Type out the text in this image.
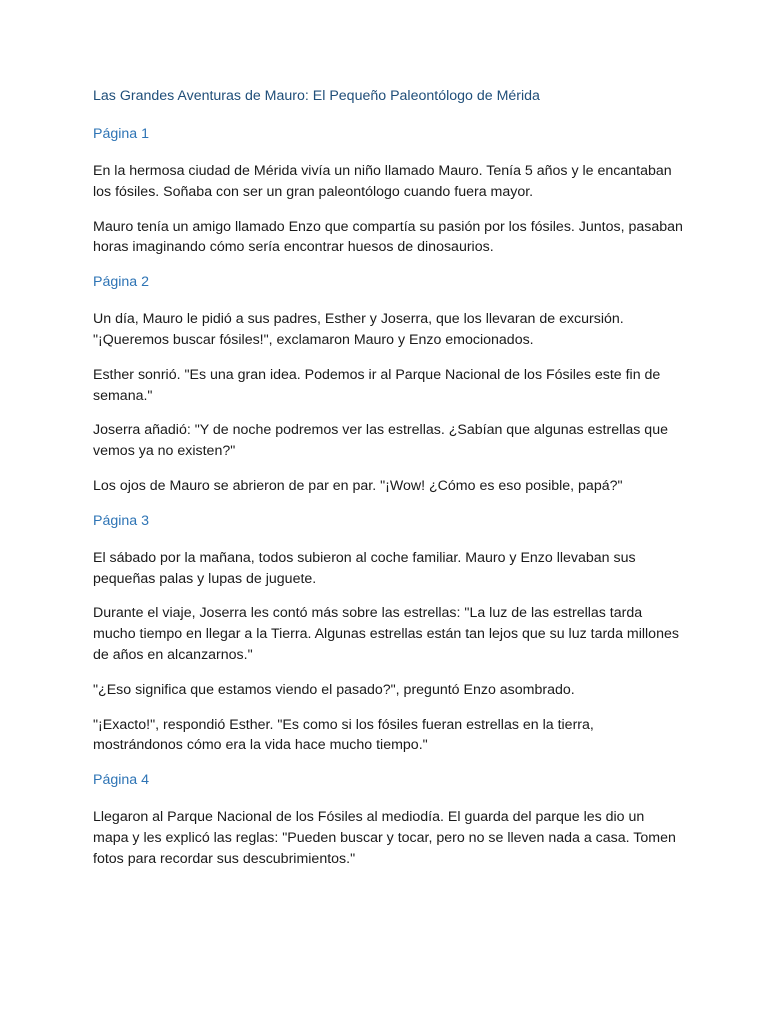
Las Grandes Aventuras de Mauro: El Pequeño Paleontólogo de Mérida

Página 1

En la hermosa ciudad de Mérida vivía un niño llamado Mauro. Tenía 5 años y le encantaban los fósiles. Soñaba con ser un gran paleontólogo cuando fuera mayor.

Mauro tenía un amigo llamado Enzo que compartía su pasión por los fósiles. Juntos, pasaban horas imaginando cómo sería encontrar huesos de dinosaurios.

Página 2

Un día, Mauro le pidió a sus padres, Esther y Joserra, que los llevaran de excursión. "¡Queremos buscar fósiles!", exclamaron Mauro y Enzo emocionados.

Esther sonrió. "Es una gran idea. Podemos ir al Parque Nacional de los Fósiles este fin de semana."

Joserra añadió: "Y de noche podremos ver las estrellas. ¿Sabían que algunas estrellas que vemos ya no existen?"

Los ojos de Mauro se abrieron de par en par. "¡Wow! ¿Cómo es eso posible, papá?"

Página 3

El sábado por la mañana, todos subieron al coche familiar. Mauro y Enzo llevaban sus pequeñas palas y lupas de juguete.

Durante el viaje, Joserra les contó más sobre las estrellas: "La luz de las estrellas tarda mucho tiempo en llegar a la Tierra. Algunas estrellas están tan lejos que su luz tarda millones de años en alcanzarnos."

"¿Eso significa que estamos viendo el pasado?", preguntó Enzo asombrado.

"¡Exacto!", respondió Esther. "Es como si los fósiles fueran estrellas en la tierra, mostrándonos cómo era la vida hace mucho tiempo."

Página 4

Llegaron al Parque Nacional de los Fósiles al mediodía. El guarda del parque les dio un mapa y les explicó las reglas: "Pueden buscar y tocar, pero no se lleven nada a casa. Tomen fotos para recordar sus descubrimientos."
